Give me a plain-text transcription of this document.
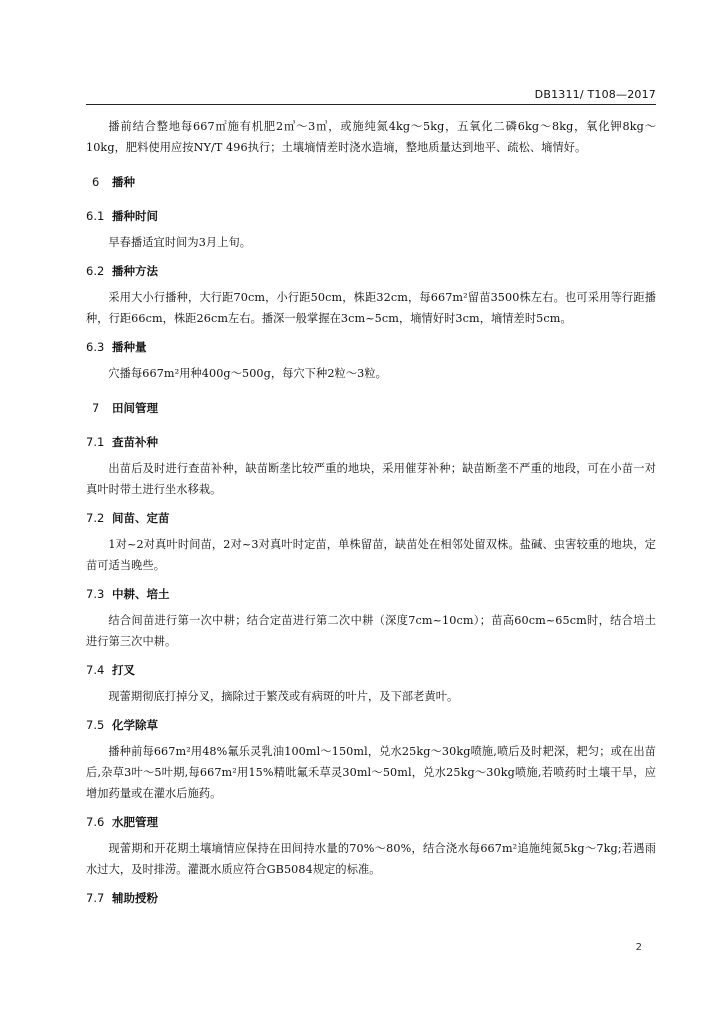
DB1311/ T108—2017

播前结合整地每667㎡施有机肥2㎥～3㎥，或施纯氮4kg～5kg，五氧化二磷6kg～8kg，氧化钾8kg～10kg，肥料使用应按NY/T 496执行；土壤墒情差时浇水造墒，整地质量达到地平、疏松、墒情好。

6 播种
6.1 播种时间

早春播适宜时间为3月上旬。

6.2 播种方法

采用大小行播种，大行距70cm，小行距50cm，株距32cm，每667m²留苗3500株左右。也可采用等行距播种，行距66cm，株距26cm左右。播深一般掌握在3cm~5cm，墒情好时3cm，墒情差时5cm。

6.3 播种量

穴播每667m²用种400g～500g，每穴下种2粒～3粒。

7 田间管理
7.1 查苗补种

出苗后及时进行查苗补种，缺苗断垄比较严重的地块，采用催芽补种；缺苗断垄不严重的地段，可在小苗一对真叶时带土进行坐水移栽。

7.2 间苗、定苗

1对~2对真叶时间苗，2对~3对真叶时定苗，单株留苗，缺苗处在相邻处留双株。盐碱、虫害较重的地块，定苗可适当晚些。

7.3 中耕、培土

结合间苗进行第一次中耕；结合定苗进行第二次中耕（深度7cm~10cm）；苗高60cm~65cm时，结合培土进行第三次中耕。

7.4 打叉

现蕾期彻底打掉分叉，摘除过于繁茂或有病斑的叶片，及下部老黄叶。

7.5 化学除草

播种前每667m²用48%氟乐灵乳油100ml～150ml，兑水25kg～30kg喷施,喷后及时耙深，耙匀；或在出苗后,杂草3叶～5叶期,每667m²用15%精吡氟禾草灵30ml～50ml，兑水25kg～30kg喷施,若喷药时土壤干旱，应增加药量或在灌水后施药。

7.6 水肥管理

现蕾期和开花期土壤墒情应保持在田间持水量的70%～80%，结合浇水每667m²追施纯氮5kg～7kg;若遇雨水过大，及时排涝。灌溉水质应符合GB5084规定的标准。

7.7 辅助授粉
2
